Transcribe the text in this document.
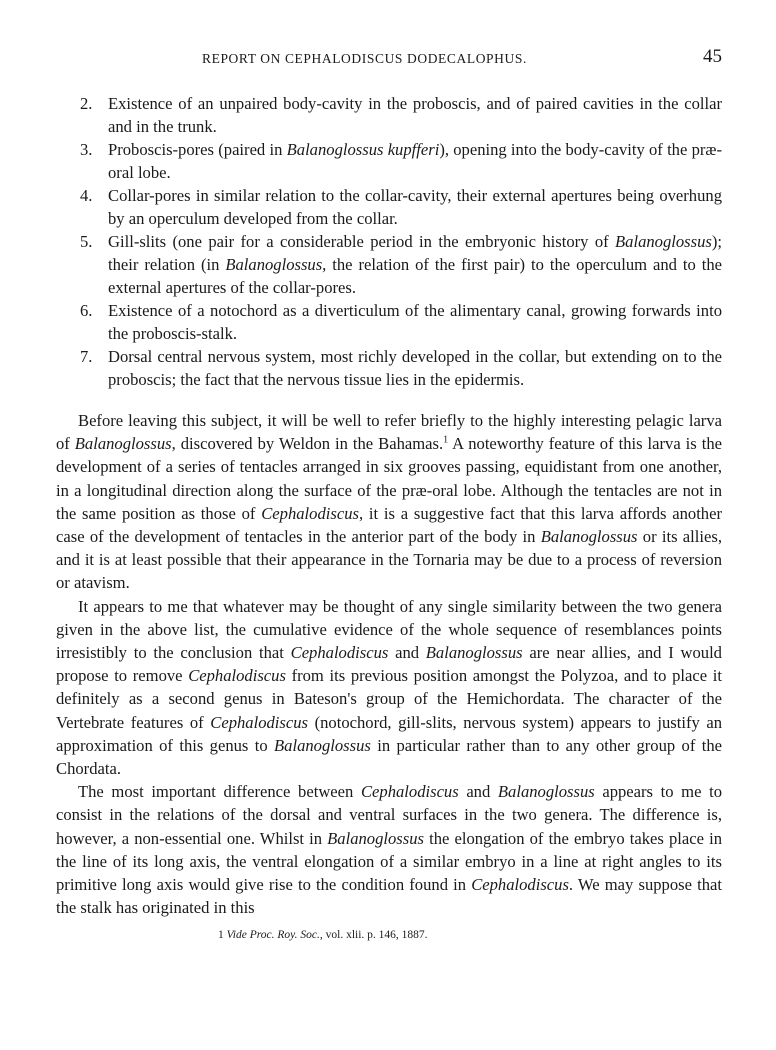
REPORT ON CEPHALODISCUS DODECALOPHUS.	45
2. Existence of an unpaired body-cavity in the proboscis, and of paired cavities in the collar and in the trunk.
3. Proboscis-pores (paired in Balanoglossus kupfferi), opening into the body-cavity of the præ-oral lobe.
4. Collar-pores in similar relation to the collar-cavity, their external apertures being overhung by an operculum developed from the collar.
5. Gill-slits (one pair for a considerable period in the embryonic history of Balanoglossus); their relation (in Balanoglossus, the relation of the first pair) to the operculum and to the external apertures of the collar-pores.
6. Existence of a notochord as a diverticulum of the alimentary canal, growing forwards into the proboscis-stalk.
7. Dorsal central nervous system, most richly developed in the collar, but extending on to the proboscis; the fact that the nervous tissue lies in the epidermis.

Before leaving this subject, it will be well to refer briefly to the highly interesting pelagic larva of Balanoglossus, discovered by Weldon in the Bahamas.$^1$ A noteworthy feature of this larva is the development of a series of tentacles arranged in six grooves passing, equidistant from one another, in a longitudinal direction along the surface of the præ-oral lobe. Although the tentacles are not in the same position as those of Cephalodiscus, it is a suggestive fact that this larva affords another case of the development of tentacles in the anterior part of the body in Balanoglossus or its allies, and it is at least possible that their appearance in the Tornaria may be due to a process of reversion or atavism.

It appears to me that whatever may be thought of any single similarity between the two genera given in the above list, the cumulative evidence of the whole sequence of resemblances points irresistibly to the conclusion that Cephalodiscus and Balanoglossus are near allies, and I would propose to remove Cephalodiscus from its previous position amongst the Polyzoa, and to place it definitely as a second genus in Bateson's group of the Hemichordata. The character of the Vertebrate features of Cephalodiscus (notochord, gill-slits, nervous system) appears to justify an approximation of this genus to Balanoglossus in particular rather than to any other group of the Chordata.

The most important difference between Cephalodiscus and Balanoglossus appears to me to consist in the relations of the dorsal and ventral surfaces in the two genera. The difference is, however, a non-essential one. Whilst in Balanoglossus the elongation of the embryo takes place in the line of its long axis, the ventral elongation of a similar embryo in a line at right angles to its primitive long axis would give rise to the condition found in Cephalodiscus. We may suppose that the stalk has originated in this

1 Vide Proc. Roy. Soc., vol. xlii. p. 146, 1887.
